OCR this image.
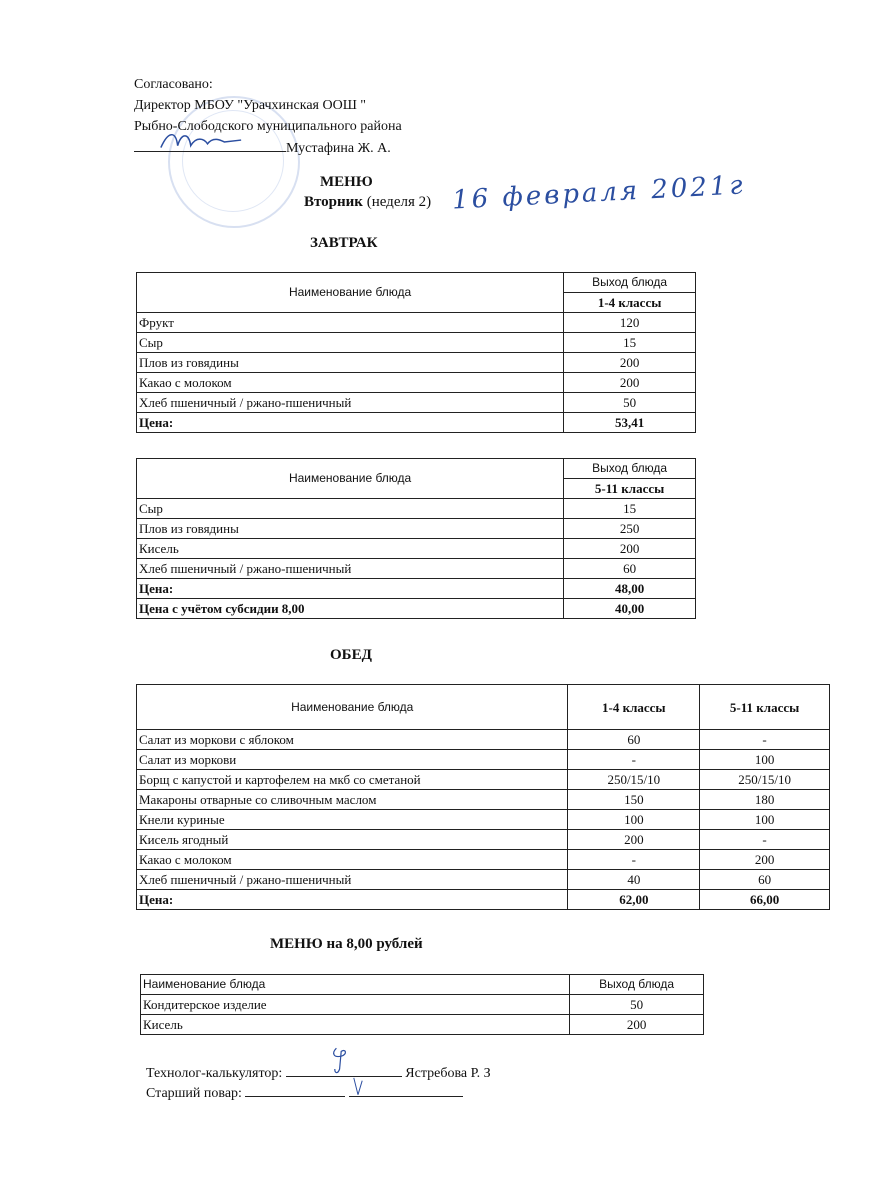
Согласовано:
Директор МБОУ "Урачхинская ООШ "
Рыбно-Слободского муниципального района
Мустафина Ж. А.
МЕНЮ
Вторник (неделя 2) 16 февраля 2021г
ЗАВТРАК
Наименование блюда	Выход блюда
	1-4 классы
Фрукт	120
Сыр	15
Плов из говядины	200
Какао с молоком	200
Хлеб пшеничный / ржано-пшеничный	50
Цена:	53,41
Наименование блюда	Выход блюда
	5-11 классы
Сыр	15
Плов из говядины	250
Кисель	200
Хлеб пшеничный / ржано-пшеничный	60
Цена:	48,00
Цена с учётом субсидии 8,00	40,00
ОБЕД
Наименование блюда	1-4 классы	5-11 классы
Салат из моркови с яблоком	60	-
Салат из моркови	-	100
Борщ с капустой и картофелем на мкб со сметаной	250/15/10	250/15/10
Макароны отварные со сливочным маслом	150	180
Кнели куриные	100	100
Кисель ягодный	200	-
Какао с молоком	-	200
Хлеб пшеничный / ржано-пшеничный	40	60
Цена:	62,00	66,00
МЕНЮ на 8,00 рублей
Наименование блюда	Выход блюда
Кондитерское изделие	50
Кисель	200
Технолог-калькулятор:	Ястребова Р. З
Старший повар:
